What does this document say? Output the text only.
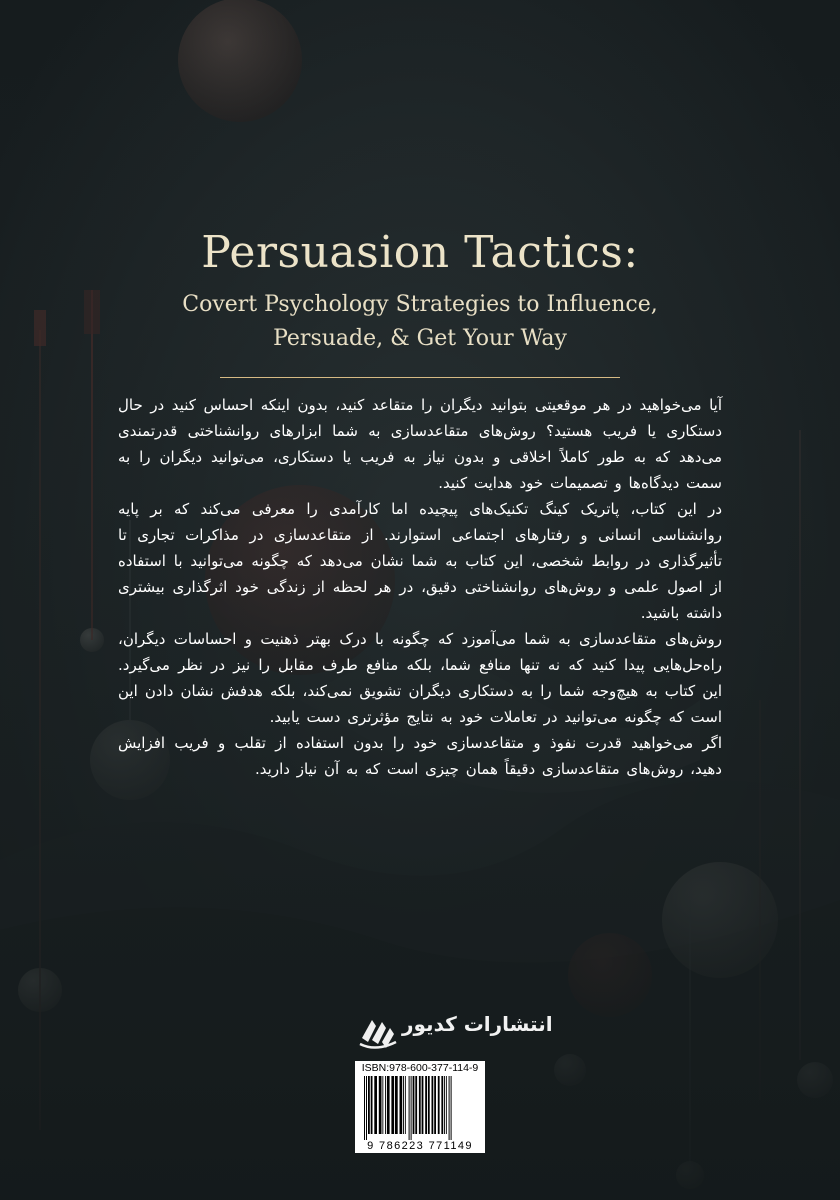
Persuasion Tactics:
Covert Psychology Strategies to Influence,
Persuade, & Get Your Way

آیا می‌خواهید در هر موقعیتی بتوانید دیگران را متقاعد کنید، بدون اینکه احساس کنید در حال دستکاری یا فریب هستید؟ روش‌های متقاعدسازی به شما ابزارهای روانشناختی قدرتمندی می‌دهد که به طور کاملاً اخلاقی و بدون نیاز به فریب یا دستکاری، می‌توانید دیگران را به سمت دیدگاه‌ها و تصمیمات خود هدایت کنید.

در این کتاب، پاتریک کینگ تکنیک‌های پیچیده اما کارآمدی را معرفی می‌کند که بر پایه روانشناسی انسانی و رفتارهای اجتماعی استوارند. از متقاعدسازی در مذاکرات تجاری تا تأثیرگذاری در روابط شخصی، این کتاب به شما نشان می‌دهد که چگونه می‌توانید با استفاده از اصول علمی و روش‌های روانشناختی دقیق، در هر لحظه از زندگی خود اثرگذاری بیشتری داشته باشید.

روش‌های متقاعدسازی به شما می‌آموزد که چگونه با درک بهتر ذهنیت و احساسات دیگران، راه‌حل‌هایی پیدا کنید که نه تنها منافع شما، بلکه منافع طرف مقابل را نیز در نظر می‌گیرد. این کتاب به هیچ‌وجه شما را به دستکاری دیگران تشویق نمی‌کند، بلکه هدفش نشان دادن این است که چگونه می‌توانید در تعاملات خود به نتایج مؤثرتری دست یابید.

اگر می‌خواهید قدرت نفوذ و متقاعدسازی خود را بدون استفاده از تقلب و فریب افزایش دهید، روش‌های متقاعدسازی دقیقاً همان چیزی است که به آن نیاز دارید.

انتشارات کدیور
ISBN:978-600-377-114-9
9 786223 771149
